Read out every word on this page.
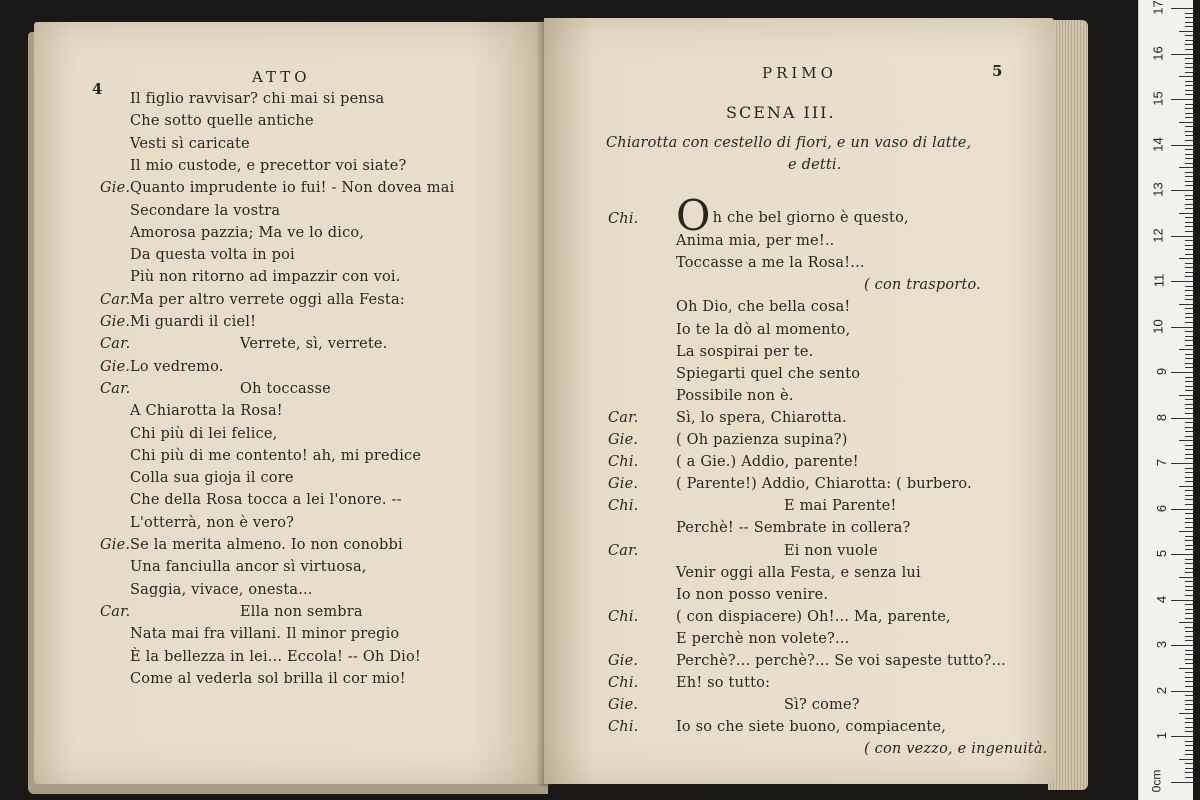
4
ATTO
Il figlio ravvisar? chi mai si pensa
Che sotto quelle antiche
Vesti sì caricate
Il mio custode, e precettor voi siate?
Gie. Quanto imprudente io fui! - Non dovea mai
Secondare la vostra
Amorosa pazzia; Ma ve lo dico,
Da questa volta in poi
Più non ritorno ad impazzir con voi.
Car. Ma per altro verrete oggi alla Festa:
Gie. Mi guardi il ciel!
Car.	Verrete, sì, verrete.
Gie. Lo vedremo.
Car.	Oh toccasse
A Chiarotta la Rosa!
Chi più di lei felice,
Chi più di me contento! ah, mi predice
Colla sua gioja il core
Che della Rosa tocca a lei l'onore. --
L'otterrà, non è vero?
Gie. Se la merita almeno. Io non conobbi
Una fanciulla ancor sì virtuosa,
Saggia, vivace, onesta...
Car.	Ella non sembra
Nata mai fra villani. Il minor pregio
È la bellezza in lei... Eccola! -- Oh Dio!
Come al vederla sol brilla il cor mio!
PRIMO	5
SCENA III.
Chiarotta con cestello di fiori, e un vaso di latte,
e detti.
Chi. Oh che bel giorno è questo,
Anima mia, per me!..
Toccasse a me la Rosa!...
( con trasporto.
Oh Dio, che bella cosa!
Io te la dò al momento,
La sospirai per te.
Spiegarti quel che sento
Possibile non è.
Car.	Sì, lo spera, Chiarotta.
Gie.	( Oh pazienza supina?)
Chi.	( a Gie.) Addio, parente!
Gie.	( Parente!) Addio, Chiarotta: ( burbero.
Chi.	E mai Parente!
Perchè! -- Sembrate in collera?
Car.	Ei non vuole
Venir oggi alla Festa, e senza lui
Io non posso venire.
Chi.	( con dispiacere) Oh!... Ma, parente,
E perchè non volete?...
Gie.	Perchè?... perchè?... Se voi sapeste tutto?...
Chi.	Eh! so tutto:
Gie.	Sì? come?
Chi.	Io so che siete buono, compiacente,
( con vezzo, e ingenuità.
0cm
17
16
15
14
13
12
11
10
9
8
7
6
5
4
3
2
1
